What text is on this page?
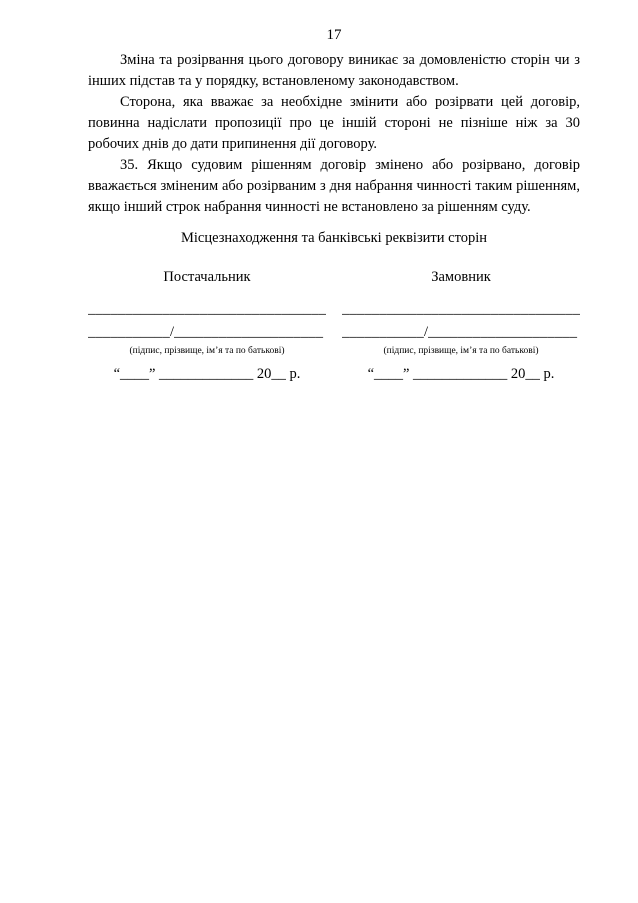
17

Зміна та розірвання цього договору виникає за домовленістю сторін чи з інших підстав та у порядку, встановленому законодавством.

Сторона, яка вважає за необхідне змінити або розірвати цей договір, повинна надіслати пропозиції про це іншій стороні не пізніше ніж за 30 робочих днів до дати припинення дії договору.

35. Якщо судовим рішенням договір змінено або розірвано, договір вважається зміненим або розірваним з дня набрання чинності таким рішенням, якщо інший строк набрання чинності не встановлено за рішенням суду.

Місцезнаходження та банківські реквізити сторін
Постачальник
________________________________
___________/____________________
(підпис, прізвище, ім’я та по батькові)
“____” _____________ 20__ р.
Замовник
________________________________
___________/____________________
(підпис, прізвище, ім’я та по батькові)
“____” _____________ 20__ р.
